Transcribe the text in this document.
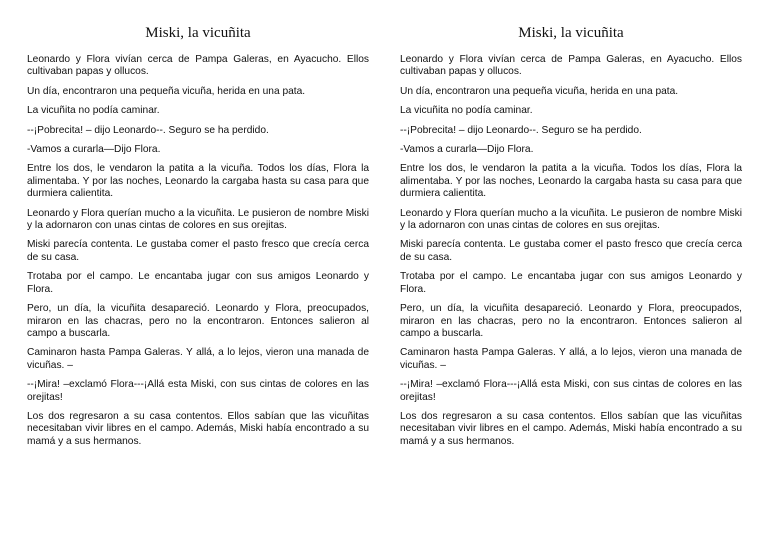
Miski, la vicuñita

Leonardo y Flora vivían cerca de Pampa Galeras, en Ayacucho. Ellos cultivaban papas y ollucos.

Un día, encontraron una pequeña vicuña, herida en una pata.

La vicuñita no podía caminar.

--¡Pobrecita! – dijo Leonardo--. Seguro se ha perdido.

-Vamos a curarla—Dijo Flora.

Entre los dos, le vendaron la patita a la vicuña. Todos los días, Flora la alimentaba. Y por las noches, Leonardo la cargaba hasta su casa para que durmiera calientita.

Leonardo y Flora querían mucho a la vicuñita. Le pusieron de nombre Miski y la adornaron con unas cintas de colores en sus orejitas.

Miski parecía contenta. Le gustaba comer el pasto fresco que crecía cerca de su casa.

Trotaba por el campo. Le encantaba jugar con sus amigos Leonardo y Flora.

Pero, un día, la vicuñita desapareció. Leonardo y Flora, preocupados, miraron en las chacras, pero no la encontraron. Entonces salieron al campo a buscarla.

Caminaron hasta Pampa Galeras. Y allá, a lo lejos, vieron una manada de vicuñas. –

--¡Mira! –exclamó Flora---¡Allá esta Miski, con sus cintas de colores en las orejitas!

Los dos regresaron a su casa contentos. Ellos sabían que las vicuñitas necesitaban vivir libres en el campo. Además, Miski había encontrado a su mamá y a sus hermanos.

Miski, la vicuñita

Leonardo y Flora vivían cerca de Pampa Galeras, en Ayacucho. Ellos cultivaban papas y ollucos.

Un día, encontraron una pequeña vicuña, herida en una pata.

La vicuñita no podía caminar.

--¡Pobrecita! – dijo Leonardo--. Seguro se ha perdido.

-Vamos a curarla—Dijo Flora.

Entre los dos, le vendaron la patita a la vicuña. Todos los días, Flora la alimentaba. Y por las noches, Leonardo la cargaba hasta su casa para que durmiera calientita.

Leonardo y Flora querían mucho a la vicuñita. Le pusieron de nombre Miski y la adornaron con unas cintas de colores en sus orejitas.

Miski parecía contenta. Le gustaba comer el pasto fresco que crecía cerca de su casa.

Trotaba por el campo. Le encantaba jugar con sus amigos Leonardo y Flora.

Pero, un día, la vicuñita desapareció. Leonardo y Flora, preocupados, miraron en las chacras, pero no la encontraron. Entonces salieron al campo a buscarla.

Caminaron hasta Pampa Galeras. Y allá, a lo lejos, vieron una manada de vicuñas. –

--¡Mira! –exclamó Flora---¡Allá esta Miski, con sus cintas de colores en las orejitas!

Los dos regresaron a su casa contentos. Ellos sabían que las vicuñitas necesitaban vivir libres en el campo. Además, Miski había encontrado a su mamá y a sus hermanos.
